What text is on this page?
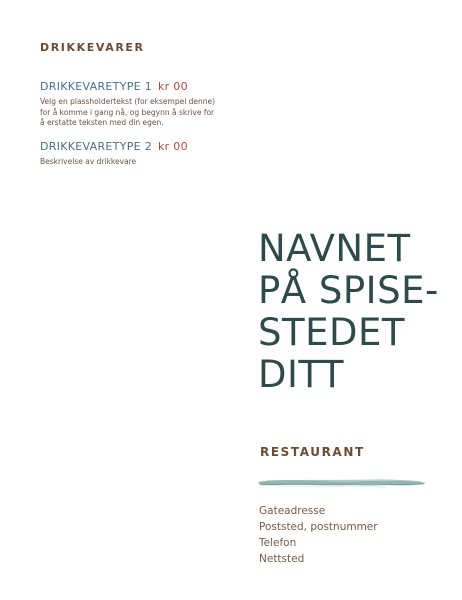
DRIKKEVARER
DRIKKEVARETYPE 1 kr 00
Velg en plassholdertekst (for eksempel denne)
for å komme i gang nå, og begynn å skrive for
å erstatte teksten med din egen.
DRIKKEVARETYPE 2 kr 00
Beskrivelse av drikkevare
NAVNET
PÅ SPISE-
STEDET
DITT
RESTAURANT
Gateadresse
Poststed, postnummer
Telefon
Nettsted
